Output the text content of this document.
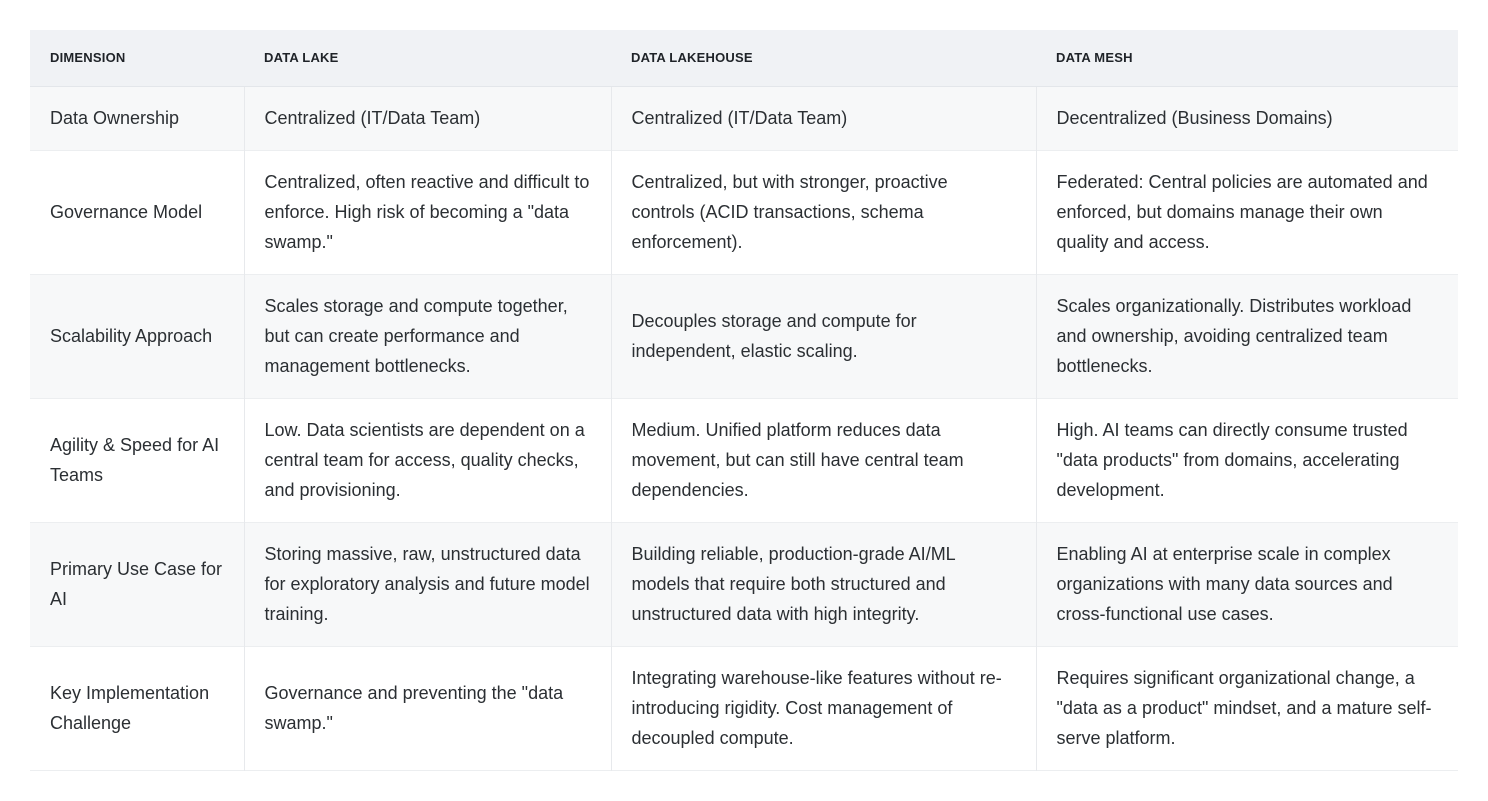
DIMENSION	DATA LAKE	DATA LAKEHOUSE	DATA MESH
Data Ownership	Centralized (IT/Data Team)	Centralized (IT/Data Team)	Decentralized (Business Domains)
Governance Model	Centralized, often reactive and difficult to enforce. High risk of becoming a "data swamp."	Centralized, but with stronger, proactive controls (ACID transactions, schema enforcement).	Federated: Central policies are automated and enforced, but domains manage their own quality and access.
Scalability Approach	Scales storage and compute together, but can create performance and management bottlenecks.	Decouples storage and compute for independent, elastic scaling.	Scales organizationally. Distributes workload and ownership, avoiding centralized team bottlenecks.
Agility & Speed for AI Teams	Low. Data scientists are dependent on a central team for access, quality checks, and provisioning.	Medium. Unified platform reduces data movement, but can still have central team dependencies.	High. AI teams can directly consume trusted "data products" from domains, accelerating development.
Primary Use Case for AI	Storing massive, raw, unstructured data for exploratory analysis and future model training.	Building reliable, production-grade AI/ML models that require both structured and unstructured data with high integrity.	Enabling AI at enterprise scale in complex organizations with many data sources and cross-functional use cases.
Key Implementation Challenge	Governance and preventing the "data swamp."	Integrating warehouse-like features without re-introducing rigidity. Cost management of decoupled compute.	Requires significant organizational change, a "data as a product" mindset, and a mature self-serve platform.
